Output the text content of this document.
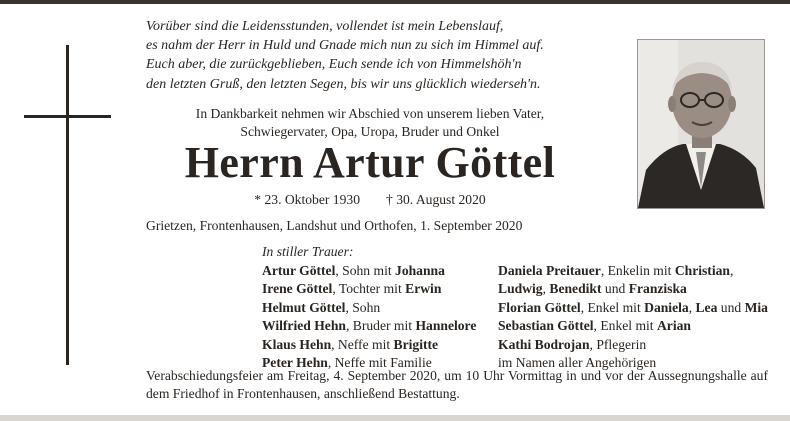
Vorüber sind die Leidensstunden, vollendet ist mein Lebenslauf,
es nahm der Herr in Huld und Gnade mich nun zu sich im Himmel auf.
Euch aber, die zurückgeblieben, Euch sende ich von Himmelshöh'n
den letzten Gruß, den letzten Segen, bis wir uns glücklich wiederseh'n.
In Dankbarkeit nehmen wir Abschied von unserem lieben Vater,
Schwiegervater, Opa, Uropa, Bruder und Onkel
Herrn Artur Göttel
* 23. Oktober 1930 † 30. August 2020
Grietzen, Frontenhausen, Landshut und Orthofen, 1. September 2020
In stiller Trauer:
Artur Göttel, Sohn mit Johanna
Irene Göttel, Tochter mit Erwin
Helmut Göttel, Sohn
Wilfried Hehn, Bruder mit Hannelore
Klaus Hehn, Neffe mit Brigitte
Peter Hehn, Neffe mit Familie
Daniela Preitauer, Enkelin mit Christian,
Ludwig, Benedikt und Franziska
Florian Göttel, Enkel mit Daniela, Lea und Mia
Sebastian Göttel, Enkel mit Arian
Kathi Bodrojan, Pflegerin
im Namen aller Angehörigen
Verabschiedungsfeier am Freitag, 4. September 2020, um 10 Uhr Vormittag in und vor der Aussegnungshalle auf
dem Friedhof in Frontenhausen, anschließend Bestattung.
